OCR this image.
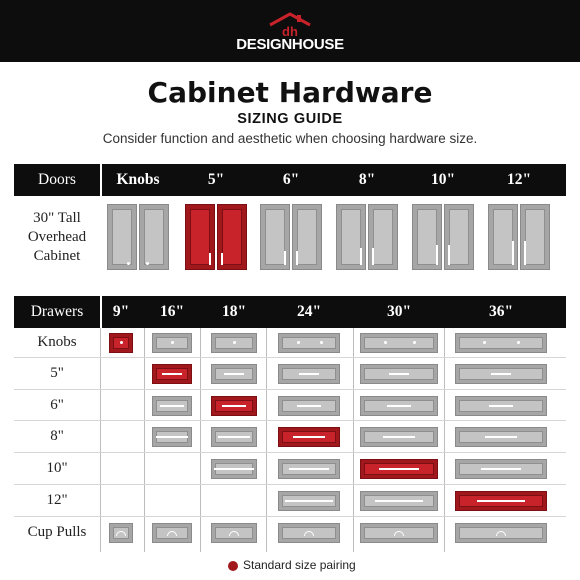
dh
DESIGNHOUSE
Cabinet Hardware
SIZING GUIDE
Consider function and aesthetic when choosing hardware size.
Doors	Knobs	5"	6"	8"	10"	12"
30" Tall
Overhead
Cabinet
Drawers	9"	16"	18"	24"	30"	36"
Knobs
5"
6"
8"
10"
12"
Cup Pulls
Standard size pairing
